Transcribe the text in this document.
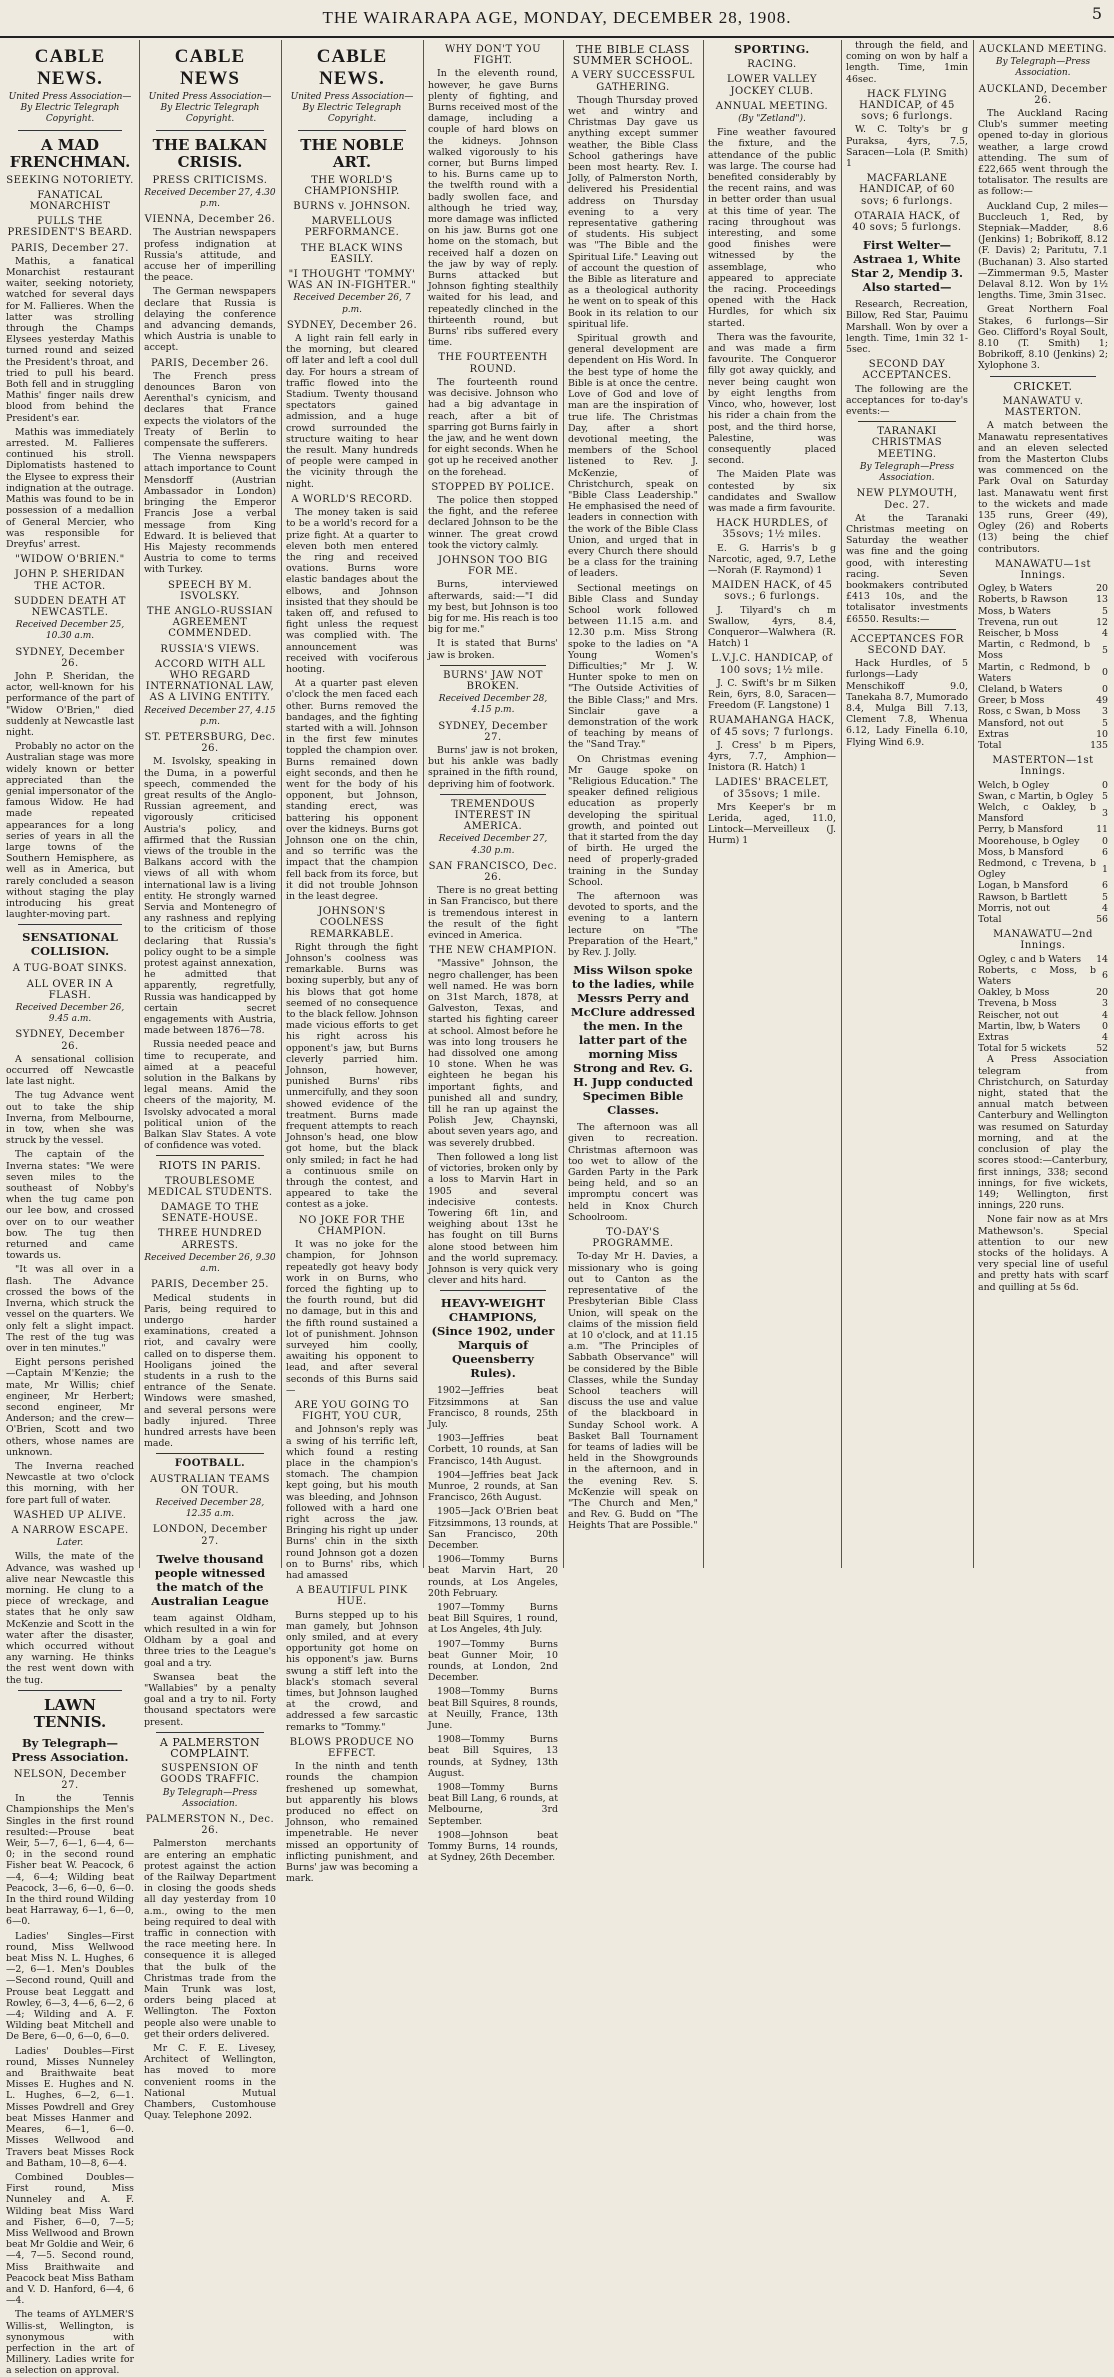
THE WAIRARAPA AGE, MONDAY, DECEMBER 28, 1908.	5
CABLE NEWS.
United Press Association—By Electric Telegraph Copyright.
A MAD FRENCHMAN.
SEEKING NOTORIETY.
FANATICAL MONARCHIST
PULLS THE PRESIDENT'S BEARD.
PARIS, December 27.

Mathis, a fanatical Monarchist restaurant waiter, seeking notoriety, watched for several days for M. Fallieres. When the latter was strolling through the Champs Elysees yesterday Mathis turned round and seized the President's throat, and tried to pull his beard. Both fell and in struggling Mathis' finger nails drew blood from behind the President's ear.

Mathis was immediately arrested. M. Fallieres continued his stroll. Diplomatists hastened to the Elysee to express their indignation at the outrage. Mathis was found to be in possession of a medallion of General Mercier, who was responsible for Dreyfus' arrest.

"WIDOW O'BRIEN."
JOHN P. SHERIDAN THE ACTOR.
SUDDEN DEATH AT NEWCASTLE.
Received December 25, 10.30 a.m.
SYDNEY, December 26.

John P. Sheridan, the actor, well-known for his performance of the part of "Widow O'Brien," died suddenly at Newcastle last night.

Probably no actor on the Australian stage was more widely known or better appreciated than the genial impersonator of the famous Widow. He had made repeated appearances for a long series of years in all the large towns of the Southern Hemisphere, as well as in America, but rarely concluded a season without staging the play introducing his great laughter-moving part.

SENSATIONAL COLLISION.
A TUG-BOAT SINKS.
ALL OVER IN A FLASH.
Received December 26, 9.45 a.m.
SYDNEY, December 26.

A sensational collision occurred off Newcastle late last night.

The tug Advance went out to take the ship Inverna, from Melbourne, in tow, when she was struck by the vessel.

The captain of the Inverna states: "We were seven miles to the southeast of Nobby's when the tug came pon our lee bow, and crossed over on to our weather bow. The tug then returned and came towards us.

"It was all over in a flash. The Advance crossed the bows of the Inverna, which struck the vessel on the quarters. We only felt a slight impact. The rest of the tug was over in ten minutes."

Eight persons perished—Captain M'Kenzie; the mate, Mr Willis; chief engineer, Mr Herbert; second engineer, Mr Anderson; and the crew—O'Brien, Scott and two others, whose names are unknown.

The Inverna reached Newcastle at two o'clock this morning, with her fore part full of water.

WASHED UP ALIVE.
A NARROW ESCAPE.
Later.

Wills, the mate of the Advance, was washed up alive near Newcastle this morning. He clung to a piece of wreckage, and states that he only saw McKenzie and Scott in the water after the disaster, which occurred without any warning. He thinks the rest went down with the tug.

LAWN TENNIS.
By Telegraph—Press Association.
NELSON, December 27.

In the Tennis Championships the Men's Singles in the first round resulted:—Prouse beat Weir, 5—7, 6—1, 6—4, 6—0; in the second round Fisher beat W. Peacock, 6—4, 6—4; Wilding beat Peacock, 3—6, 6—0, 6—0. In the third round Wilding beat Harraway, 6—1, 6—0, 6—0.

Ladies' Singles—First round, Miss Wellwood beat Miss N. L. Hughes, 6—2, 6—1. Men's Doubles—Second round, Quill and Prouse beat Leggatt and Rowley, 6—3, 4—6, 6—2, 6—4; Wilding and A. F. Wilding beat Mitchell and De Bere, 6—0, 6—0, 6—0.

Ladies' Doubles—First round, Misses Nunneley and Braithwaite beat Misses E. Hughes and N. L. Hughes, 6—2, 6—1. Misses Powdrell and Grey beat Misses Hanmer and Meares, 6—1, 6—0. Misses Wellwood and Travers beat Misses Rock and Batham, 10—8, 6—4.

Combined Doubles—First round, Miss Nunneley and A. F. Wilding beat Miss Ward and Fisher, 6—0, 7—5; Miss Wellwood and Brown beat Mr Goldie and Weir, 6—4, 7—5. Second round, Miss Braithwaite and Peacock beat Miss Batham and V. D. Hanford, 6—4, 6—4.

The teams of AYLMER'S Willis-st, Wellington, is synonymous with perfection in the art of Millinery. Ladies write for a selection on approval.

CABLE NEWS
United Press Association—By Electric Telegraph Copyright.
THE BALKAN CRISIS.
PRESS CRITICISMS.
Received December 27, 4.30 p.m.
VIENNA, December 26.

The Austrian newspapers profess indignation at Russia's attitude, and accuse her of imperilling the peace.

The German newspapers declare that Russia is delaying the conference and advancing demands, which Austria is unable to accept.

PARIS, December 26.

The French press denounces Baron von Aerenthal's cynicism, and declares that France expects the violators of the Treaty of Berlin to compensate the sufferers.

The Vienna newspapers attach importance to Count Mensdorff (Austrian Ambassador in London) bringing the Emperor Francis Jose a verbal message from King Edward. It is believed that His Majesty recommends Austria to come to terms with Turkey.

SPEECH BY M. ISVOLSKY.
THE ANGLO-RUSSIAN AGREEMENT COMMENDED.
RUSSIA'S VIEWS.
ACCORD WITH ALL WHO REGARD INTERNATIONAL LAW, AS A LIVING ENTITY.
Received December 27, 4.15 p.m.
ST. PETERSBURG, Dec. 26.

M. Isvolsky, speaking in the Duma, in a powerful speech, commended the great results of the Anglo-Russian agreement, and vigorously criticised Austria's policy, and affirmed that the Russian views of the trouble in the Balkans accord with the views of all with whom international law is a living entity. He strongly warned Servia and Montenegro of any rashness and replying to the criticism of those declaring that Russia's policy ought to be a simple protest against annexation, he admitted that apparently, regretfully, Russia was handicapped by certain secret engagements with Austria, made between 1876—78.

Russia needed peace and time to recuperate, and aimed at a peaceful solution in the Balkans by legal means. Amid the cheers of the majority, M. Isvolsky advocated a moral political union of the Balkan Slav States. A vote of confidence was voted.

RIOTS IN PARIS.
TROUBLESOME MEDICAL STUDENTS.
DAMAGE TO THE SENATE-HOUSE.
THREE HUNDRED ARRESTS.
Received December 26, 9.30 a.m.
PARIS, December 25.

Medical students in Paris, being required to undergo harder examinations, created a riot, and cavalry were called on to disperse them. Hooligans joined the students in a rush to the entrance of the Senate. Windows were smashed, and several persons were badly injured. Three hundred arrests have been made.

FOOTBALL.
AUSTRALIAN TEAMS ON TOUR.
Received December 28, 12.35 a.m.
LONDON, December 27.
Twelve thousand people witnessed the match of the Australian League

team against Oldham, which resulted in a win for Oldham by a goal and three tries to the League's goal and a try.

Swansea beat the "Wallabies" by a penalty goal and a try to nil. Forty thousand spectators were present.

A PALMERSTON COMPLAINT.
SUSPENSION OF GOODS TRAFFIC.
By Telegraph—Press Association.
PALMERSTON N., Dec. 26.

Palmerston merchants are entering an emphatic protest against the action of the Railway Department in closing the goods sheds all day yesterday from 10 a.m., owing to the men being required to deal with traffic in connection with the race meeting here. In consequence it is alleged that the bulk of the Christmas trade from the Main Trunk was lost, orders being placed at Wellington. The Foxton people also were unable to get their orders delivered.

Mr C. F. E. Livesey, Architect of Wellington, has moved to more convenient rooms in the National Mutual Chambers, Customhouse Quay. Telephone 2092.

CABLE NEWS.
United Press Association—By Electric Telegraph Copyright.
THE NOBLE ART.
THE WORLD'S CHAMPIONSHIP.
BURNS v. JOHNSON.
MARVELLOUS PERFORMANCE.
THE BLACK WINS EASILY.
"I THOUGHT 'TOMMY' WAS AN IN-FIGHTER."
Received December 26, 7 p.m.
SYDNEY, December 26.

A light rain fell early in the morning, but cleared off later and left a cool dull day. For hours a stream of traffic flowed into the Stadium. Twenty thousand spectators gained admission, and a huge crowd surrounded the structure waiting to hear the result. Many hundreds of people were camped in the vicinity through the night.

A WORLD'S RECORD.

The money taken is said to be a world's record for a prize fight. At a quarter to eleven both men entered the ring and received ovations. Burns wore elastic bandages about the elbows, and Johnson insisted that they should be taken off, and refused to fight unless the request was complied with. The announcement was received with vociferous hooting.

At a quarter past eleven o'clock the men faced each other. Burns removed the bandages, and the fighting started with a will. Johnson in the first few minutes toppled the champion over. Burns remained down eight seconds, and then he went for the body of his opponent, but Johnson, standing erect, was battering his opponent over the kidneys. Burns got Johnson one on the chin, and so terrific was the impact that the champion fell back from its force, but it did not trouble Johnson in the least degree.

JOHNSON'S COOLNESS REMARKABLE.

Right through the fight Johnson's coolness was remarkable. Burns was boxing superbly, but any of his blows that got home seemed of no consequence to the black fellow. Johnson made vicious efforts to get his right across his opponent's jaw, but Burns cleverly parried him. Johnson, however, punished Burns' ribs unmercifully, and they soon showed evidence of the treatment. Burns made frequent attempts to reach Johnson's head, one blow got home, but the black only smiled; in fact he had a continuous smile on through the contest, and appeared to take the contest as a joke.

NO JOKE FOR THE CHAMPION.

It was no joke for the champion, for Johnson repeatedly got heavy body work in on Burns, who forced the fighting up to the fourth round, but did no damage, but in this and the fifth round sustained a lot of punishment. Johnson surveyed him coolly, awaiting his opponent to lead, and after several seconds of this Burns said—

ARE YOU GOING TO FIGHT, YOU CUR,

and Johnson's reply was a swing of his terrific left, which found a resting place in the champion's stomach. The champion kept going, but his mouth was bleeding, and Johnson followed with a hard one right across the jaw. Bringing his right up under Burns' chin in the sixth round Johnson got a dozen on to Burns' ribs, which had amassed

A BEAUTIFUL PINK HUE.

Burns stepped up to his man gamely, but Johnson only smiled, and at every opportunity got home on his opponent's jaw. Burns swung a stiff left into the black's stomach several times, but Johnson laughed at the crowd, and addressed a few sarcastic remarks to "Tommy."

BLOWS PRODUCE NO EFFECT.

In the ninth and tenth rounds the champion freshened up somewhat, but apparently his blows produced no effect on Johnson, who remained impenetrable. He never missed an opportunity of inflicting punishment, and Burns' jaw was becoming a mark.

WHY DON'T YOU FIGHT.

In the eleventh round, however, he gave Burns plenty of fighting, and Burns received most of the damage, including a couple of hard blows on the kidneys. Johnson walked vigorously to his corner, but Burns limped to his. Burns came up to the twelfth round with a badly swollen face, and although he tried way, more damage was inflicted on his jaw. Burns got one home on the stomach, but received half a dozen on the jaw by way of reply. Burns attacked but Johnson fighting stealthily waited for his lead, and repeatedly clinched in the thirteenth round, but Burns' ribs suffered every time.

THE FOURTEENTH ROUND.

The fourteenth round was decisive. Johnson who had a big advantage in reach, after a bit of sparring got Burns fairly in the jaw, and he went down for eight seconds. When he got up he received another on the forehead.

STOPPED BY POLICE.

The police then stopped the fight, and the referee declared Johnson to be the winner. The great crowd took the victory calmly.

JOHNSON TOO BIG FOR ME.

Burns, interviewed afterwards, said:—"I did my best, but Johnson is too big for me. His reach is too big for me."

It is stated that Burns' jaw is broken.

BURNS' JAW NOT BROKEN.
Received December 28, 4.15 p.m.
SYDNEY, December 27.

Burns' jaw is not broken, but his ankle was badly sprained in the fifth round, depriving him of footwork.

TREMENDOUS INTEREST IN AMERICA.
Received December 27, 4.30 p.m.
SAN FRANCISCO, Dec. 26.

There is no great betting in San Francisco, but there is tremendous interest in the result of the fight evinced in America.

THE NEW CHAMPION.

"Massive" Johnson, the negro challenger, has been well named. He was born on 31st March, 1878, at Galveston, Texas, and started his fighting career at school. Almost before he was into long trousers he had dissolved one among 10 stone. When he was eighteen he began his important fights, and punished all and sundry, till he ran up against the Polish Jew, Chaynski, about seven years ago, and was severely drubbed.

Then followed a long list of victories, broken only by a loss to Marvin Hart in 1905 and several indecisive contests. Towering 6ft 1in, and weighing about 13st he has fought on till Burns alone stood between him and the world supremacy. Johnson is very quick very clever and hits hard.

HEAVY-WEIGHT CHAMPIONS, (Since 1902, under Marquis of Queensberry Rules).

1902—Jeffries beat Fitzsimmons at San Francisco, 8 rounds, 25th July.

1903—Jeffries beat Corbett, 10 rounds, at San Francisco, 14th August.

1904—Jeffries beat Jack Munroe, 2 rounds, at San Francisco, 26th August.

1905—Jack O'Brien beat Fitzsimmons, 13 rounds, at San Francisco, 20th December.

1906—Tommy Burns beat Marvin Hart, 20 rounds, at Los Angeles, 20th February.

1907—Tommy Burns beat Bill Squires, 1 round, at Los Angeles, 4th July.

1907—Tommy Burns beat Gunner Moir, 10 rounds, at London, 2nd December.

1908—Tommy Burns beat Bill Squires, 8 rounds, at Neuilly, France, 13th June.

1908—Tommy Burns beat Bill Squires, 13 rounds, at Sydney, 13th August.

1908—Tommy Burns beat Bill Lang, 6 rounds, at Melbourne, 3rd September.

1908—Johnson beat Tommy Burns, 14 rounds, at Sydney, 26th December.

THE BIBLE CLASS SUMMER SCHOOL.
A VERY SUCCESSFUL GATHERING.

Though Thursday proved wet and wintry and Christmas Day gave us anything except summer weather, the Bible Class School gatherings have been most hearty. Rev. I. Jolly, of Palmerston North, delivered his Presidential address on Thursday evening to a very representative gathering of students. His subject was "The Bible and the Spiritual Life." Leaving out of account the question of the Bible as literature and as a theological authority he went on to speak of this Book in its relation to our spiritual life.

Spiritual growth and general development are dependent on His Word. In the best type of home the Bible is at once the centre. Love of God and love of man are the inspiration of true life. The Christmas Day, after a short devotional meeting, the members of the School listened to Rev. J. McKenzie, of Christchurch, speak on "Bible Class Leadership." He emphasised the need of leaders in connection with the work of the Bible Class Union, and urged that in every Church there should be a class for the training of leaders.

Sectional meetings on Bible Class and Sunday School work followed between 11.15 a.m. and 12.30 p.m. Miss Strong spoke to the ladies on "A Young Women's Difficulties;" Mr J. W. Hunter spoke to men on "The Outside Activities of the Bible Class;" and Mrs. Sinclair gave a demonstration of the work of teaching by means of the "Sand Tray."

On Christmas evening Mr Gauge spoke on "Religious Education." The speaker defined religious education as properly developing the spiritual growth, and pointed out that it started from the day of birth. He urged the need of properly-graded training in the Sunday School.

The afternoon was devoted to sports, and the evening to a lantern lecture on "The Preparation of the Heart," by Rev. J. Jolly.

Miss Wilson spoke to the ladies, while Messrs Perry and McClure addressed the men. In the latter part of the morning Miss Strong and Rev. G. H. Jupp conducted Specimen Bible Classes.

The afternoon was all given to recreation. Christmas afternoon was too wet to allow of the Garden Party in the Park being held, and so an impromptu concert was held in Knox Church Schoolroom.

TO-DAY'S PROGRAMME.

To-day Mr H. Davies, a missionary who is going out to Canton as the representative of the Presbyterian Bible Class Union, will speak on the claims of the mission field at 10 o'clock, and at 11.15 a.m. "The Principles of Sabbath Observance" will be considered by the Bible Classes, while the Sunday School teachers will discuss the use and value of the blackboard in Sunday School work. A Basket Ball Tournament for teams of ladies will be held in the Showgrounds in the afternoon, and in the evening Rev. S. McKenzie will speak on "The Church and Men," and Rev. G. Budd on "The Heights That are Possible."

SPORTING.
RACING.
LOWER VALLEY JOCKEY CLUB.
ANNUAL MEETING.
(By "Zetland").

Fine weather favoured the fixture, and the attendance of the public was large. The course had benefited considerably by the recent rains, and was in better order than usual at this time of year. The racing throughout was interesting, and some good finishes were witnessed by the assemblage, who appeared to appreciate the racing. Proceedings opened with the Hack Hurdles, for which six started.

Thera was the favourite, and was made a firm favourite. The Conqueror filly got away quickly, and never being caught won by eight lengths from Vinco, who, however, lost his rider a chain from the post, and the third horse, Palestine, was consequently placed second.

The Maiden Plate was contested by six candidates and Swallow was made a firm favourite.

HACK HURDLES, of 35sovs; 1½ miles.

E. G. Harris's b g Narcotic, aged, 9.7, Lethe—Norah (F. Raymond) 1

MAIDEN HACK, of 45 sovs.; 6 furlongs.

J. Tilyard's ch m Swallow, 4yrs, 8.4, Conqueror—Walwhera (R. Hatch) 1

L.V.J.C. HANDICAP, of 100 sovs; 1½ mile.

J. C. Swift's br m Silken Rein, 6yrs, 8.0, Saracen—Freedom (F. Langstone) 1

RUAMAHANGA HACK, of 45 sovs; 7 furlongs.

J. Cress' b m Pipers, 4yrs, 7.7, Amphion—Inistora (R. Hatch) 1

LADIES' BRACELET, of 35sovs; 1 mile.

Mrs Keeper's br m Lerida, aged, 11.0, Lintock—Merveilleux (J. Hurm) 1

through the field, and coming on won by half a length. Time, 1min 46sec.

HACK FLYING HANDICAP, of 45 sovs; 6 furlongs.

W. C. Tolty's br g Puraksa, 4yrs, 7.5, Saracen—Lola (P. Smith) 1

MACFARLANE HANDICAP, of 60 sovs; 6 furlongs.
OTARAIA HACK, of 40 sovs; 5 furlongs.
First Welter—Astraea 1, White Star 2, Mendip 3. Also started—

Research, Recreation, Billow, Red Star, Pauimu Marshall. Won by over a length. Time, 1min 32 1-5sec.

SECOND DAY ACCEPTANCES.

The following are the acceptances for to-day's events:—

TARANAKI CHRISTMAS MEETING.
By Telegraph—Press Association.
NEW PLYMOUTH, Dec. 27.

At the Taranaki Christmas meeting on Saturday the weather was fine and the going good, with interesting racing. Seven bookmakers contributed £413 10s, and the totalisator investments £6550. Results:—

ACCEPTANCES FOR SECOND DAY.

Hack Hurdles, of 5 furlongs—Lady Menschikoff 9.0, Tanekaha 8.7, Mumorado 8.4, Mulga Bill 7.13, Clement 7.8, Whenua 6.12, Lady Finella 6.10, Flying Wind 6.9.

AUCKLAND MEETING.
By Telegraph—Press Association.
AUCKLAND, December 26.

The Auckland Racing Club's summer meeting opened to-day in glorious weather, a large crowd attending. The sum of £22,665 went through the totalisator. The results are as follow:—

Auckland Cup, 2 miles—Buccleuch 1, Red, by Stepniak—Madder, 8.6 (Jenkins) 1; Bobrikoff, 8.12 (F. Davis) 2; Paritutu, 7.1 (Buchanan) 3. Also started—Zimmerman 9.5, Master Delaval 8.12. Won by 1½ lengths. Time, 3min 31sec.

Great Northern Foal Stakes, 6 furlongs—Sir Geo. Clifford's Royal Soult, 8.10 (T. Smith) 1; Bobrikoff, 8.10 (Jenkins) 2; Xylophone 3.

CRICKET.
MANAWATU v. MASTERTON.

A match between the Manawatu representatives and an eleven selected from the Masterton Clubs was commenced on the Park Oval on Saturday last. Manawatu went first to the wickets and made 135 runs, Greer (49), Ogley (26) and Roberts (13) being the chief contributors.

MANAWATU—1st Innings.
Ogley, b Waters	20
Roberts, b Rawson	13
Moss, b Waters	5
Trevena, run out	12
Reischer, b Moss	4
Martin, c Redmond, b Moss	5
Martin, c Redmond, b Waters	0
Cleland, b Waters	0
Greer, b Moss	49
Ross, c Swan, b Moss	3
Mansford, not out	5
Extras	10
Total	135
MASTERTON—1st Innings.
Welch, b Ogley	0
Swan, c Martin, b Ogley	5
Welch, c Oakley, b Mansford	3
Perry, b Mansford	11
Moorehouse, b Ogley	0
Moss, b Mansford	6
Redmond, c Trevena, b Ogley	1
Logan, b Mansford	6
Rawson, b Bartlett	5
Morris, not out	4
Total	56
MANAWATU—2nd Innings.
Ogley, c and b Waters	14
Roberts, c Moss, b Waters	6
Oakley, b Moss	20
Trevena, b Moss	3
Reischer, not out	4
Martin, lbw, b Waters	0
Extras	4
Total for 5 wickets	52

A Press Association telegram from Christchurch, on Saturday night, stated that the annual match between Canterbury and Wellington was resumed on Saturday morning, and at the conclusion of play the scores stood:—Canterbury, first innings, 338; second innings, for five wickets, 149; Wellington, first innings, 220 runs.

None fair now as at Mrs Mathewson's. Special attention to our new stocks of the holidays. A very special line of useful and pretty hats with scarf and quilling at 5s 6d.
